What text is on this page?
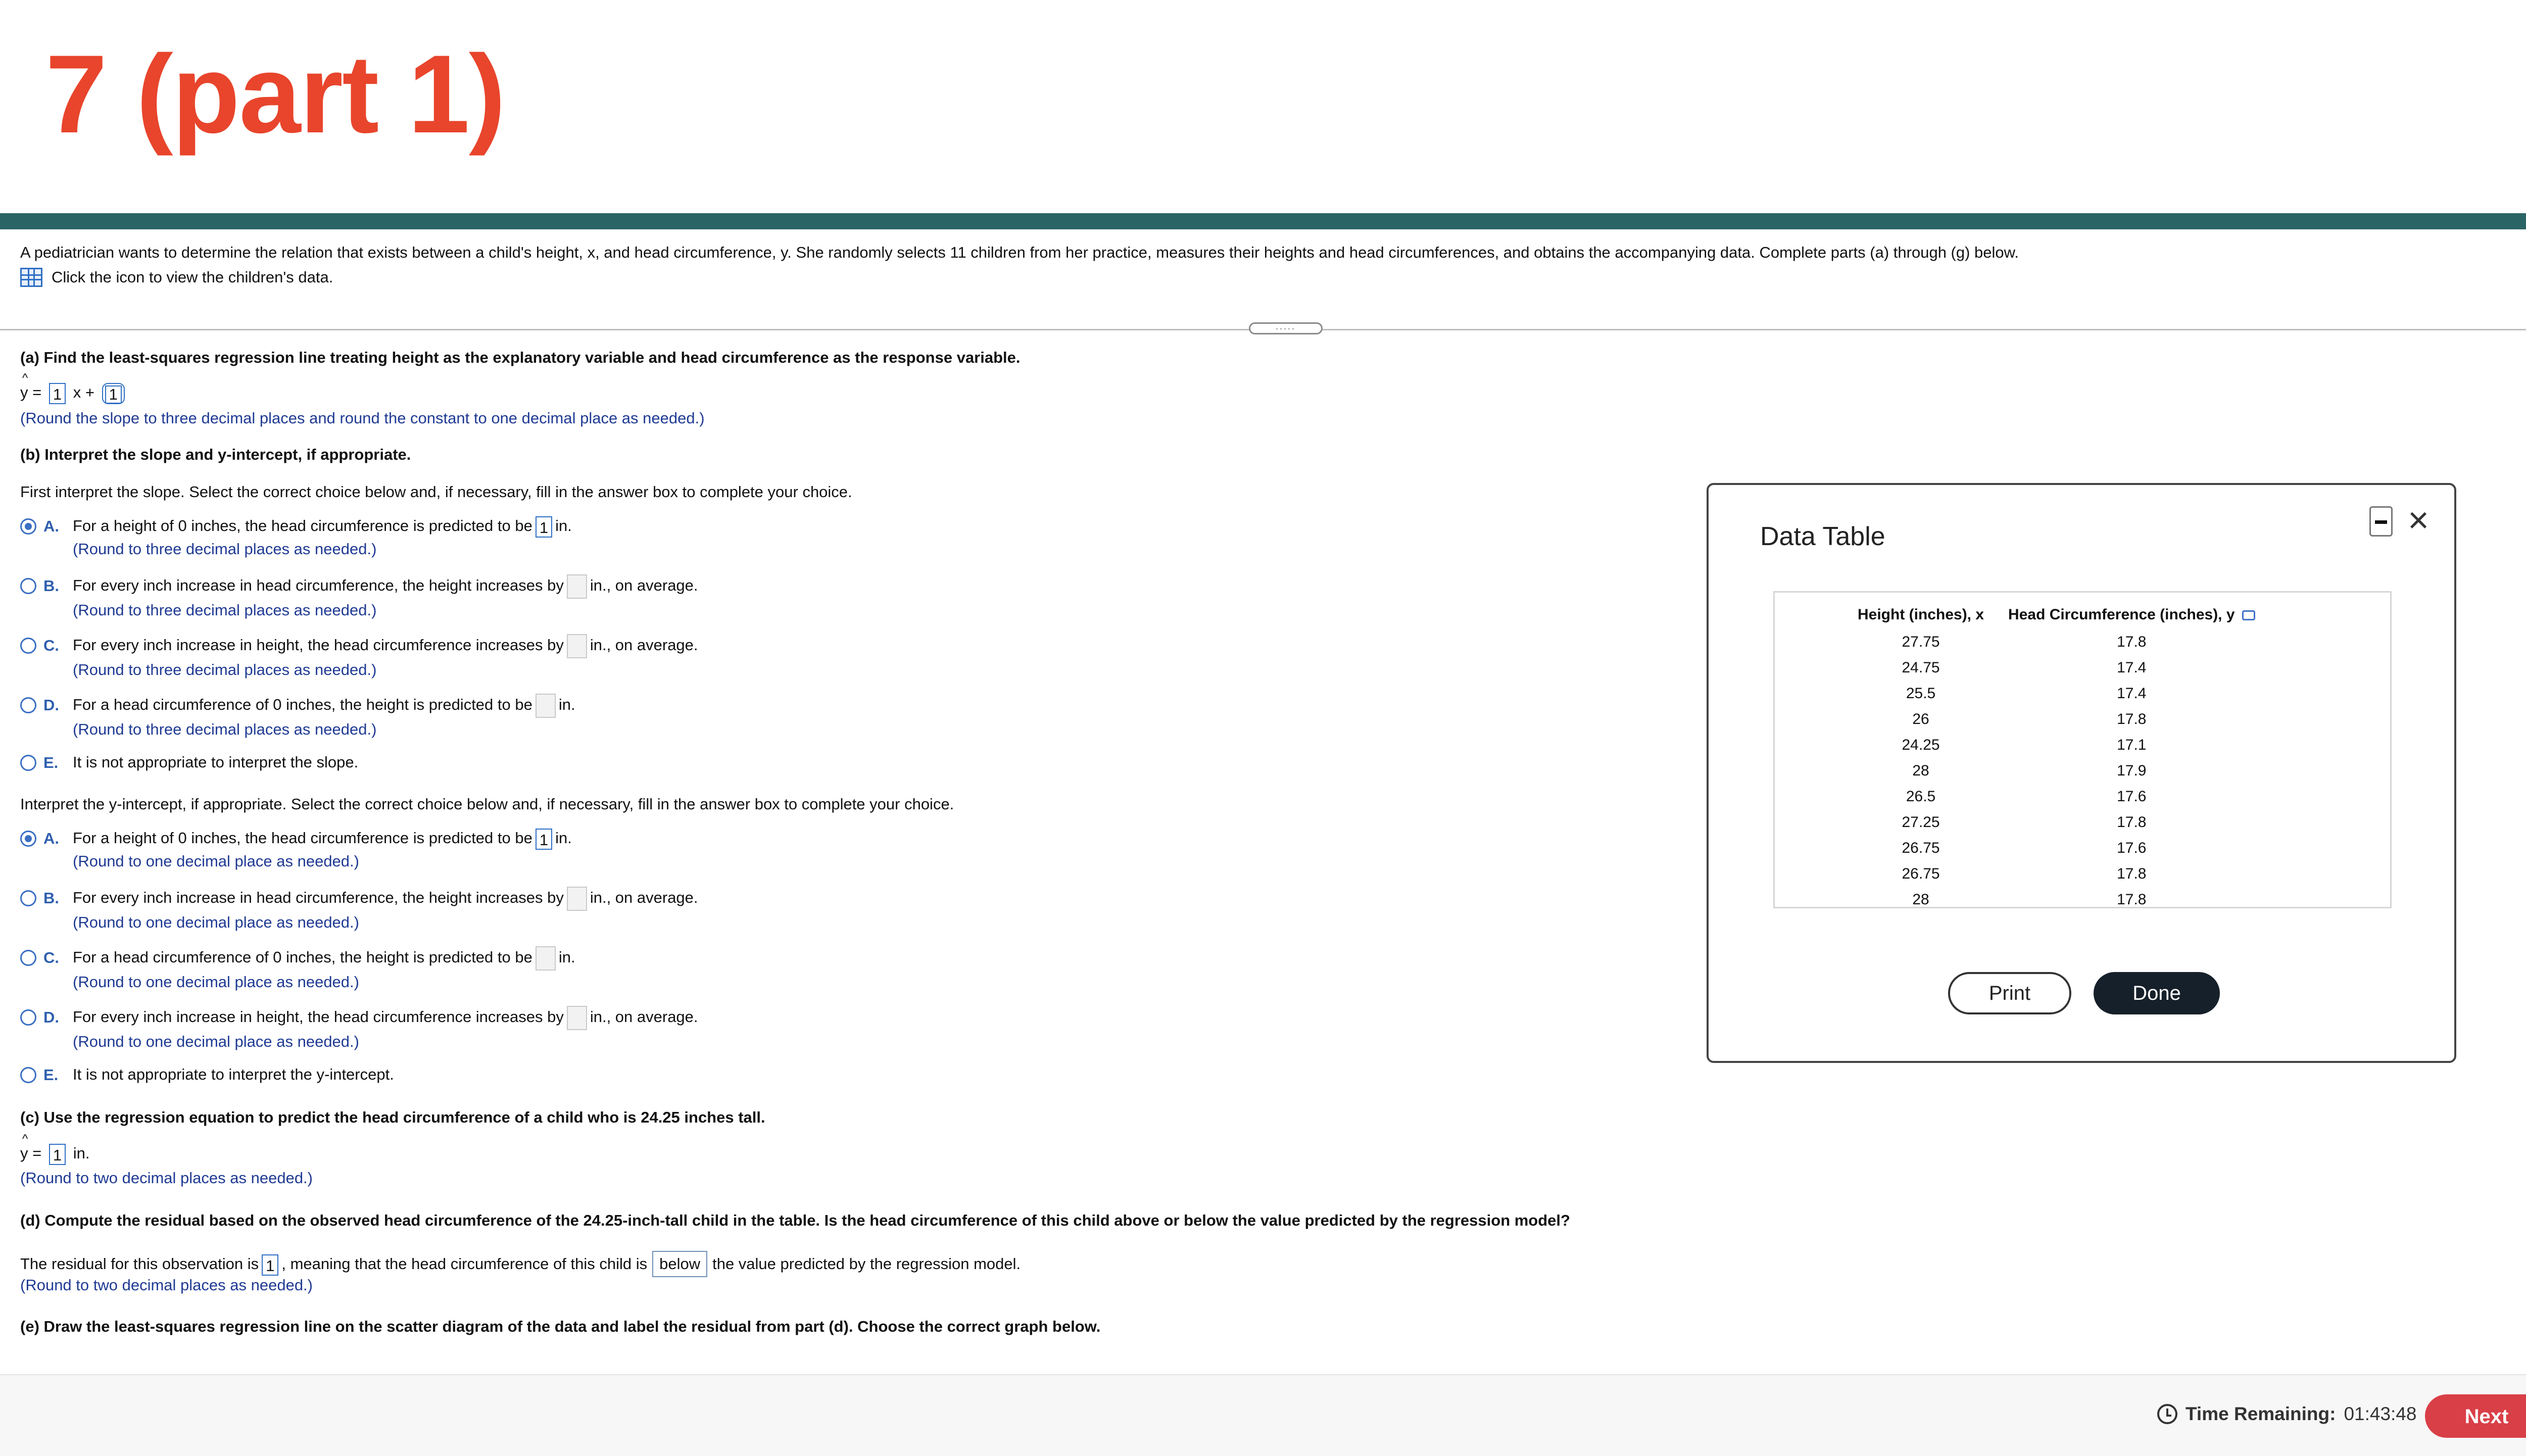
7 (part 1)
A pediatrician wants to determine the relation that exists between a child's height, x, and head circumference, y. She randomly selects 11 children from her practice, measures their heights and head circumferences, and obtains the accompanying data. Complete parts (a) through (g) below.
Click the icon to view the children's data.
.....
(a) Find the least-squares regression line treating height as the explanatory variable and head circumference as the response variable.
^ y = 1 x + 1
(Round the slope to three decimal places and round the constant to one decimal place as needed.)
(b) Interpret the slope and y-intercept, if appropriate.
First interpret the slope. Select the correct choice below and, if necessary, fill in the answer box to complete your choice.
A. For a height of 0 inches, the head circumference is predicted to be 1 in.
(Round to three decimal places as needed.)
B. For every inch increase in head circumference, the height increases by in., on average.
(Round to three decimal places as needed.)
C. For every inch increase in height, the head circumference increases by in., on average.
(Round to three decimal places as needed.)
D. For a head circumference of 0 inches, the height is predicted to be in.
(Round to three decimal places as needed.)
E. It is not appropriate to interpret the slope.
Interpret the y-intercept, if appropriate. Select the correct choice below and, if necessary, fill in the answer box to complete your choice.
A. For a height of 0 inches, the head circumference is predicted to be 1 in.
(Round to one decimal place as needed.)
B. For every inch increase in head circumference, the height increases by in., on average.
(Round to one decimal place as needed.)
C. For a head circumference of 0 inches, the height is predicted to be in.
(Round to one decimal place as needed.)
D. For every inch increase in height, the head circumference increases by in., on average.
(Round to one decimal place as needed.)
E. It is not appropriate to interpret the y-intercept.
(c) Use the regression equation to predict the head circumference of a child who is 24.25 inches tall.
^ y = 1 in.
(Round to two decimal places as needed.)
(d) Compute the residual based on the observed head circumference of the 24.25-inch-tall child in the table. Is the head circumference of this child above or below the value predicted by the regression model?
The residual for this observation is 1 , meaning that the head circumference of this child is below the value predicted by the regression model.
(Round to two decimal places as needed.)
(e) Draw the least-squares regression line on the scatter diagram of the data and label the residual from part (d). Choose the correct graph below.
Time Remaining: 01:43:48	Next
Data Table	×
Height (inches), x	Head Circumference (inches), y
27.75	17.8
24.75	17.4
25.5	17.4
26	17.8
24.25	17.1
28	17.9
26.5	17.6
27.25	17.8
26.75	17.6
26.75	17.8
28	17.8
Print	Done
